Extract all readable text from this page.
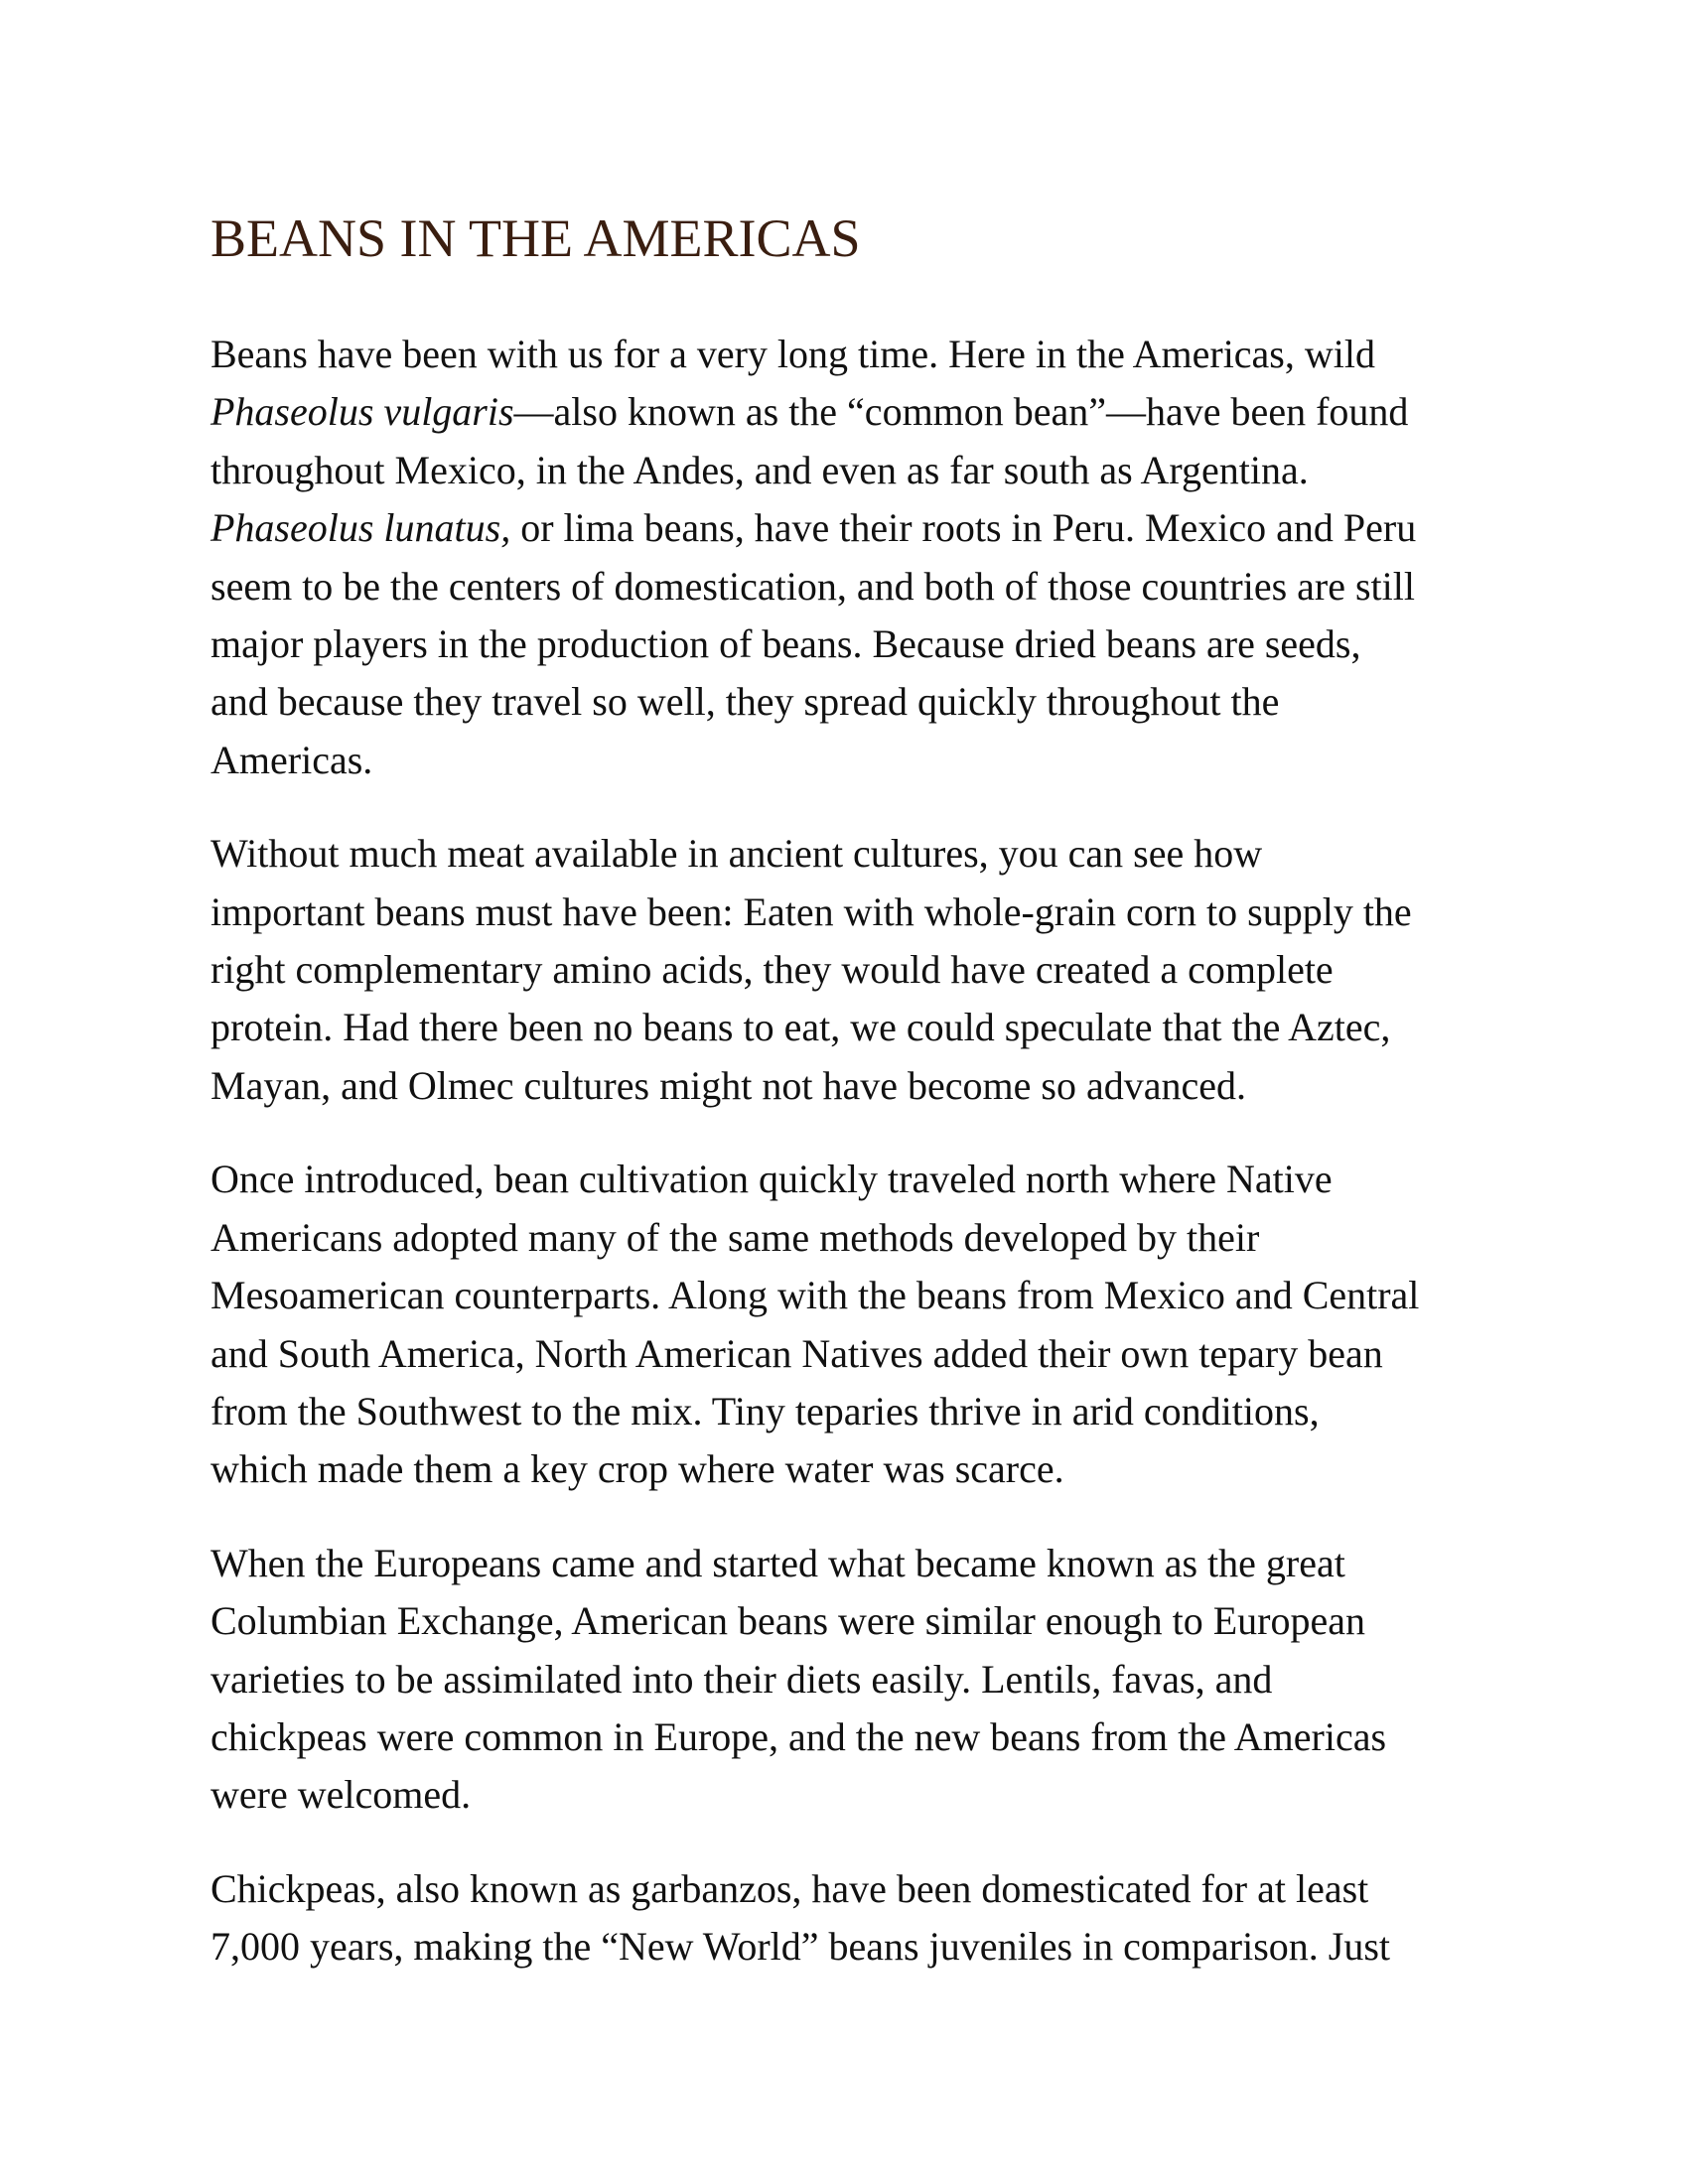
BEANS IN THE AMERICAS

Beans have been with us for a very long time. Here in the Americas, wild
Phaseolus vulgaris—also known as the “common bean”—have been found
throughout Mexico, in the Andes, and even as far south as Argentina.
Phaseolus lunatus, or lima beans, have their roots in Peru. Mexico and Peru
seem to be the centers of domestication, and both of those countries are still
major players in the production of beans. Because dried beans are seeds,
and because they travel so well, they spread quickly throughout the
Americas.

Without much meat available in ancient cultures, you can see how
important beans must have been: Eaten with whole-grain corn to supply the
right complementary amino acids, they would have created a complete
protein. Had there been no beans to eat, we could speculate that the Aztec,
Mayan, and Olmec cultures might not have become so advanced.

Once introduced, bean cultivation quickly traveled north where Native
Americans adopted many of the same methods developed by their
Mesoamerican counterparts. Along with the beans from Mexico and Central
and South America, North American Natives added their own tepary bean
from the Southwest to the mix. Tiny teparies thrive in arid conditions,
which made them a key crop where water was scarce.

When the Europeans came and started what became known as the great
Columbian Exchange, American beans were similar enough to European
varieties to be assimilated into their diets easily. Lentils, favas, and
chickpeas were common in Europe, and the new beans from the Americas
were welcomed.

Chickpeas, also known as garbanzos, have been domesticated for at least
7,000 years, making the “New World” beans juveniles in comparison. Just
